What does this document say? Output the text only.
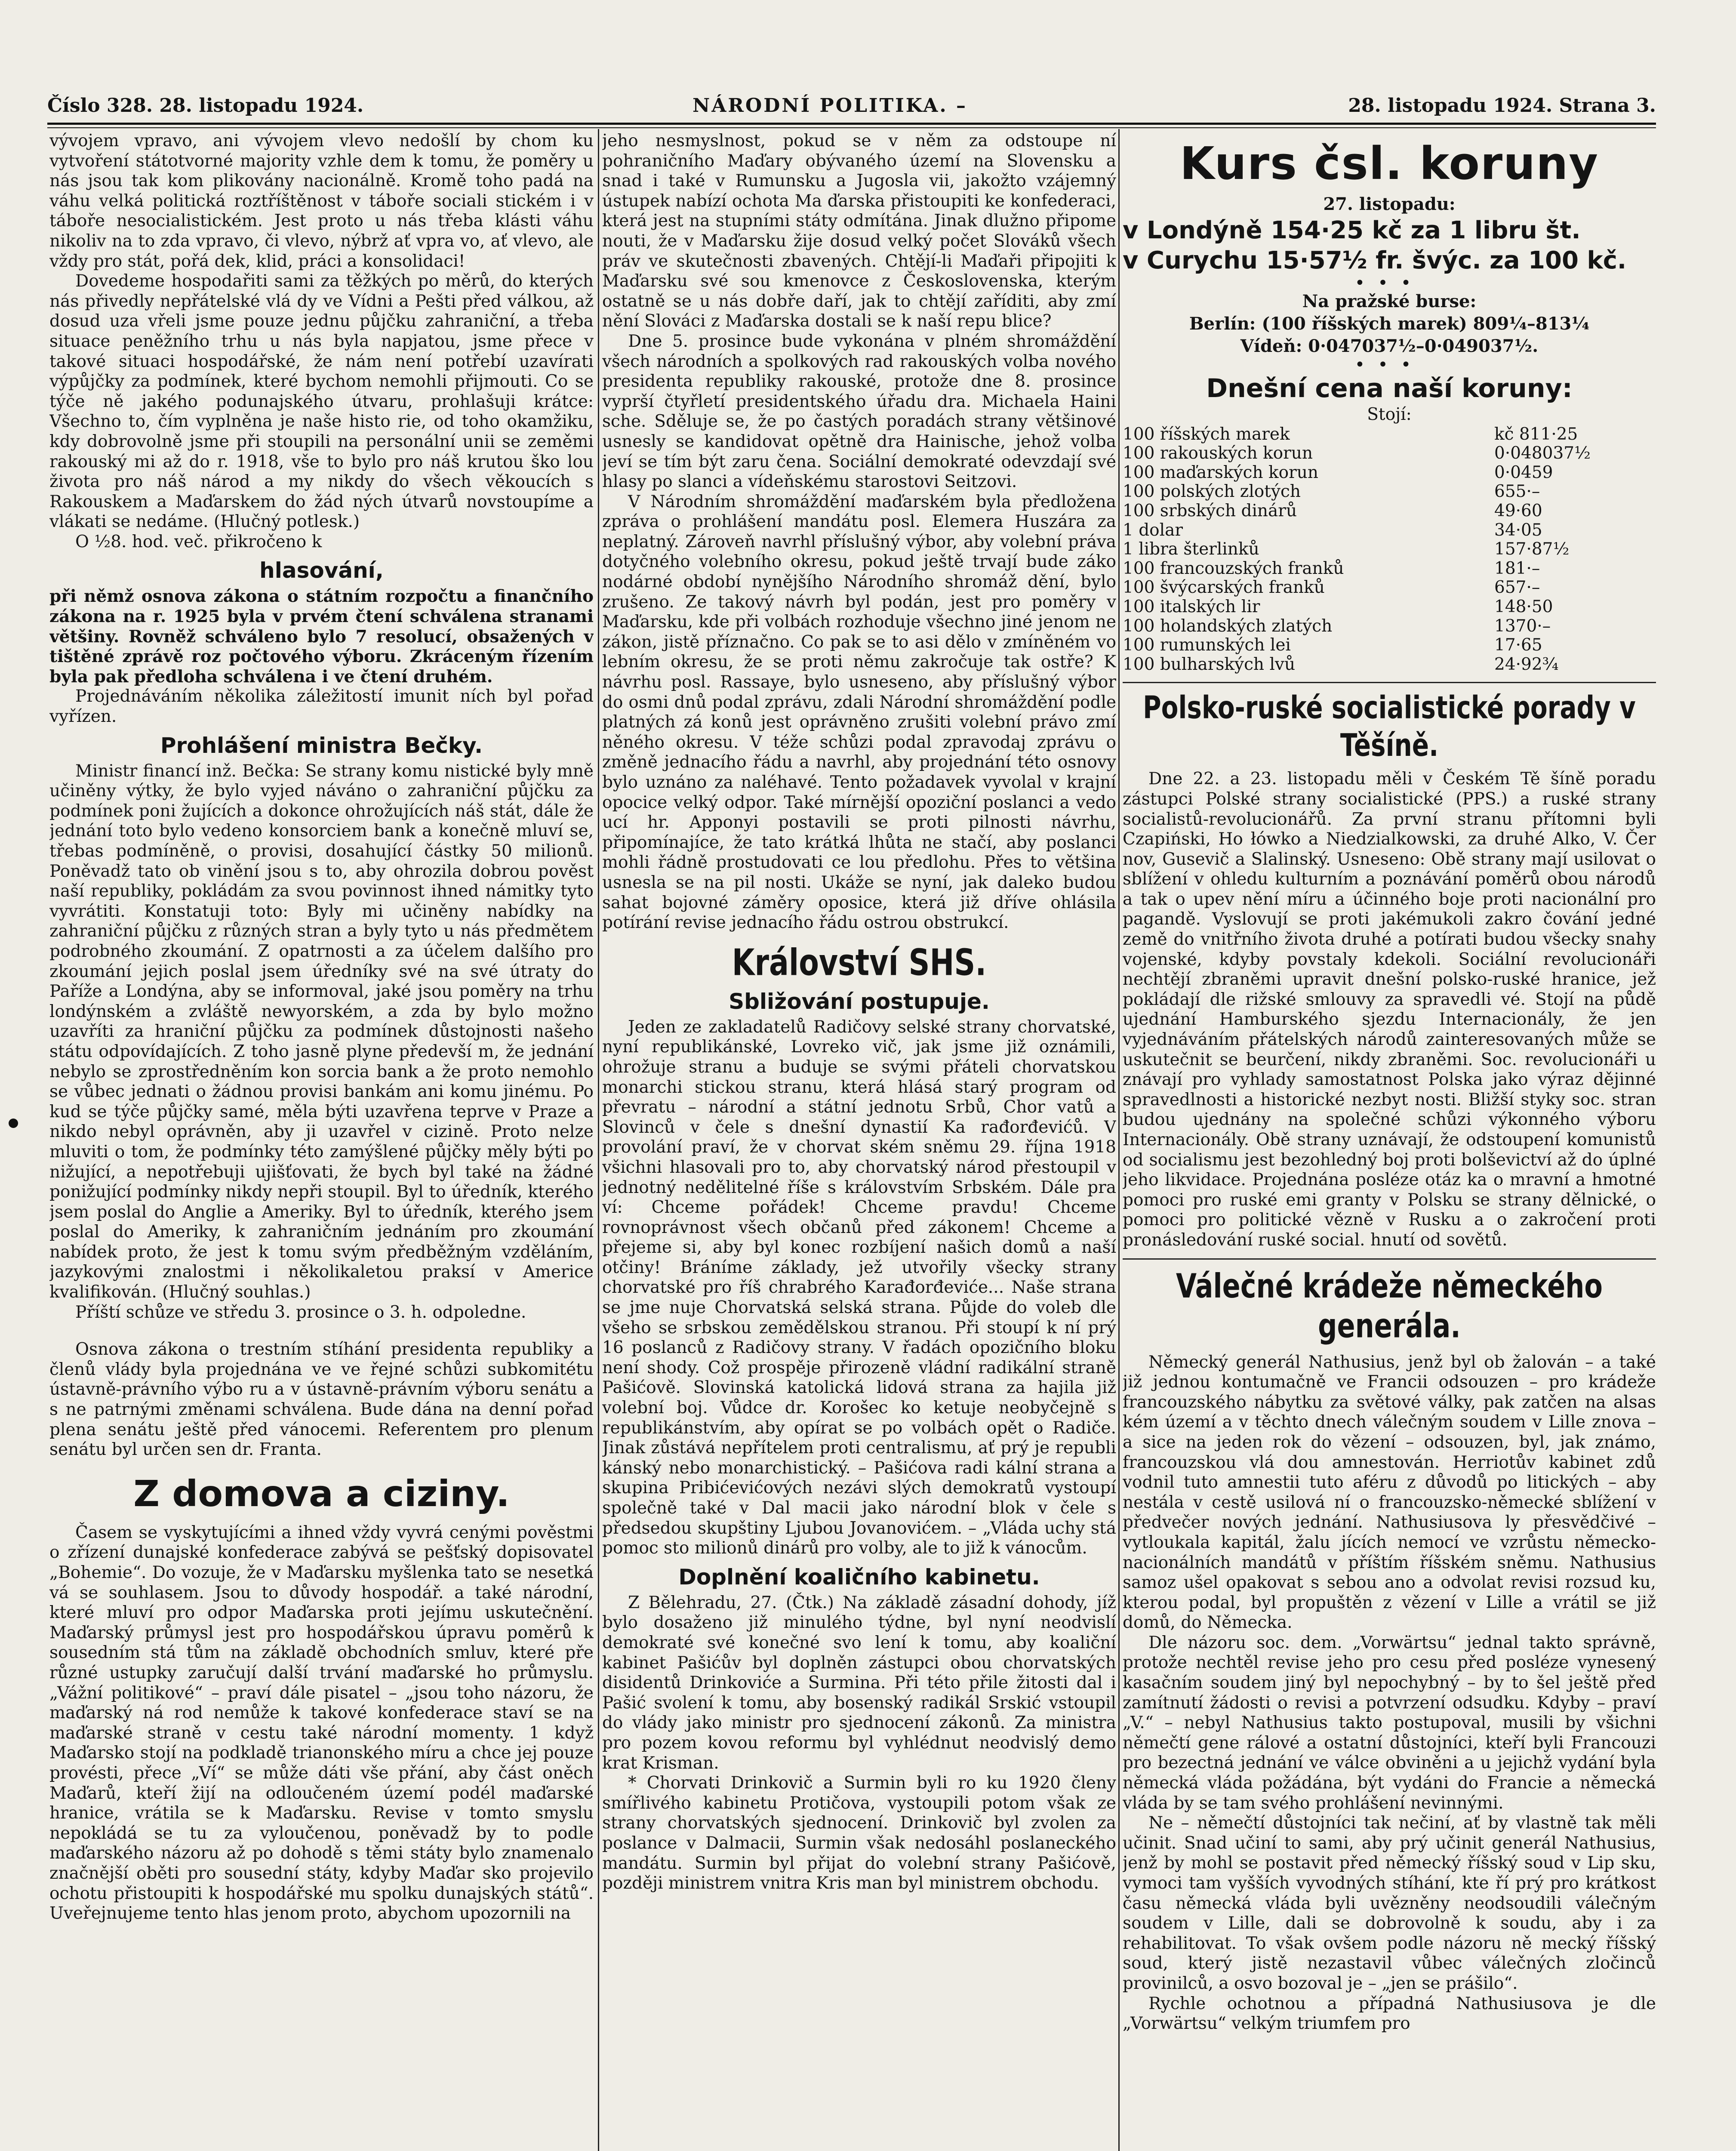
Číslo 328. 28. listopadu 1924.	NÁRODNÍ POLITIKA. –	28. listopadu 1924. Strana 3.

vývojem vpravo, ani vývojem vlevo nedošlí by chom ku vytvoření státotvorné majority vzhle dem k tomu, že poměry u nás jsou tak kom plikovány nacionálně. Kromě toho padá na váhu velká politická roztříštěnost v táboře sociali stickém i v táboře nesocialistickém. Jest proto u nás třeba klásti váhu nikoliv na to zda vpravo, či vlevo, nýbrž ať vpra vo, ať vlevo, ale vždy pro stát, pořá dek, klid, práci a konsolidaci!

Dovedeme hospodařiti sami za těžkých po měrů, do kterých nás přivedly nepřátelské vlá dy ve Vídni a Pešti před válkou, až dosud uza vřeli jsme pouze jednu půjčku zahraniční, a třeba situace peněžního trhu u nás byla napjatou, jsme přece v takové situaci hospodářské, že nám není potřebí uzavírati výpůjčky za podmínek, které bychom nemohli přijmouti. Co se týče ně jakého podunajského útvaru, prohlašuji krátce: Všechno to, čím vyplněna je naše histo rie, od toho okamžiku, kdy dobrovolně jsme při stoupili na personální unii se zeměmi rakouský mi až do r. 1918, vše to bylo pro náš krutou ško lou života pro náš národ a my nikdy do všech věkoucích s Rakouskem a Maďarskem do žád ných útvarů novstoupíme a vlákati se nedáme. (Hlučný potlesk.)

O ½8. hod. več. přikročeno k

hlasování,

při němž osnova zákona o státním rozpočtu a finančního zákona na r. 1925 byla v prvém čtení schválena stranami většiny. Rovněž schváleno bylo 7 resolucí, obsažených v tištěné zprávě roz počtového výboru. Zkráceným řízením byla pak předloha schválena i ve čtení druhém.

Projednáváním několika záležitostí imunit ních byl pořad vyřízen.

Prohlášení ministra Bečky.

Ministr financí inž. Bečka: Se strany komu nistické byly mně učiněny výtky, že bylo vyjed náváno o zahraniční půjčku za podmínek poni žujících a dokonce ohrožujících náš stát, dále že jednání toto bylo vedeno konsorciem bank a konečně mluví se, třebas podmíněně, o provisi, dosahující částky 50 milionů. Poněvadž tato ob vinění jsou s to, aby ohrozila dobrou pověst naší republiky, pokládám za svou povinnost ihned námitky tyto vyvrátiti. Konstatuji toto: Byly mi učiněny nabídky na zahraniční půjčku z různých stran a byly tyto u nás předmětem podrobného zkoumání. Z opatrnosti a za účelem dalšího pro zkoumání jejich poslal jsem úředníky své na své útraty do Paříže a Londýna, aby se informoval, jaké jsou poměry na trhu londýnském a zvláště newyorském, a zda by bylo možno uzavříti za hraniční půjčku za podmínek důstojnosti našeho státu odpovídajících. Z toho jasně plyne předevší m, že jednání nebylo se zprostředněním kon sorcia bank a že proto nemohlo se vůbec jednati o žádnou provisi bankám ani komu jinému. Po kud se týče půjčky samé, měla býti uzavřena teprve v Praze a nikdo nebyl oprávněn, aby ji uzavřel v cizině. Proto nelze mluviti o tom, že podmínky této zamýšlené půjčky měly býti po nižující, a nepotřebuji ujišťovati, že bych byl také na žádné ponižující podmínky nikdy nepři stoupil. Byl to úředník, kterého jsem poslal do Anglie a Ameriky. Byl to úředník, kterého jsem poslal do Ameriky, k zahraničním jednáním pro zkoumání nabídek proto, že jest k tomu svým předběžným vzděláním, jazykovými znalostmi i několikaletou praksí v Americe kvalifikován. (Hlučný souhlas.)

Příští schůze ve středu 3. prosince o 3. h. odpoledne.

Osnova zákona o trestním stíhání presidenta republiky a členů vlády byla projednána ve ve řejné schůzi subkomitétu ústavně-právního výbo ru a v ústavně-právním výboru senátu a s ne patrnými změnami schválena. Bude dána na denní pořad plena senátu ještě před vánocemi. Referentem pro plenum senátu byl určen sen dr. Franta.

Z domova a ciziny.

Časem se vyskytujícími a ihned vždy vyvrá cenými pověstmi o zřízení dunajské konfederace zabývá se pešťský dopisovatel „Bohemie“. Do vozuje, že v Maďarsku myšlenka tato se nesetká vá se souhlasem. Jsou to důvody hospodář. a také národní, které mluví pro odpor Maďarska proti jejímu uskutečnění. Maďarský průmysl jest pro hospodářskou úpravu poměrů k sousedním stá tům na základě obchodních smluv, které pře různé ustupky zaručují další trvání maďarské ho průmyslu. „Vážní politikové“ – praví dále pisatel – „jsou toho názoru, že maďarský ná rod nemůže k takové konfederace staví se na maďarské straně v cestu také národní momenty. 1 když Maďarsko stojí na podkladě trianonského míru a chce jej pouze provésti, přece „Ví“ se může dáti vše přání, aby část oněch Maďarů, kteří žijí na odloučeném území podél maďarské hranice, vrátila se k Maďarsku. Revise v tomto smyslu nepokládá se tu za vyloučenou, poněvadž by to podle maďarského názoru až po dohodě s těmi státy bylo znamenalo značnější oběti pro sousední státy, kdyby Maďar sko projevilo ochotu přistoupiti k hospodářské mu spolku dunajských států“. Uveřejnujeme tento hlas jenom proto, abychom upozornili na

jeho nesmyslnost, pokud se v něm za odstoupe ní pohraničního Maďary obývaného území na Slovensku a snad i také v Rumunsku a Jugosla vii, jakožto vzájemný ústupek nabízí ochota Ma ďarska přistoupiti ke konfederaci, která jest na stupními státy odmítána. Jinak dlužno připome nouti, že v Maďarsku žije dosud velký počet Slováků všech práv ve skutečnosti zbavených. Chtějí-li Maďaři připojiti k Maďarsku své sou kmenovce z Československa, kterým ostatně se u nás dobře daří, jak to chtějí zaříditi, aby zmí nění Slováci z Maďarska dostali se k naší repu blice?

Dne 5. prosince bude vykonána v plném shromáždění všech národních a spolkových rad rakouských volba nového presidenta republiky rakouské, protože dne 8. prosince vyprší čtyřletí presidentského úřadu dra. Michaela Haini sche. Sděluje se, že po častých poradách strany většinové usnesly se kandidovat opětně dra Hainische, jehož volba jeví se tím být zaru čena. Sociální demokraté odevzdají své hlasy po slanci a vídeňskému starostovi Seitzovi.

V Národním shromáždění maďarském byla předložena zpráva o prohlášení mandátu posl. Elemera Huszára za neplatný. Zároveň navrhl příslušný výbor, aby volební práva dotyčného volebního okresu, pokud ještě trvají bude záko nodárné období nynějšího Národního shromáž dění, bylo zrušeno. Ze takový návrh byl podán, jest pro poměry v Maďarsku, kde při volbách rozhoduje všechno jiné jenom ne zákon, jistě příznačno. Co pak se to asi dělo v zmíněném vo lebním okresu, že se proti němu zakročuje tak ostře? K návrhu posl. Rassaye, bylo usneseno, aby příslušný výbor do osmi dnů podal zprávu, zdali Národní shromáždění podle platných zá konů jest oprávněno zrušiti volební právo zmí něného okresu. V téže schůzi podal zpravodaj zprávu o změně jednacího řádu a navrhl, aby projednání této osnovy bylo uznáno za naléhavé. Tento požadavek vyvolal v krajní opocice velký odpor. Také mírnější opoziční poslanci a vedo ucí hr. Apponyi postavili se proti pilnosti návrhu, připomínajíce, že tato krátká lhůta ne stačí, aby poslanci mohli řádně prostudovati ce lou předlohu. Přes to většina usnesla se na pil nosti. Ukáže se nyní, jak daleko budou sahat bojovné záměry oposice, která již dříve ohlásila potírání revise jednacího řádu ostrou obstrukcí.

Království SHS.
Sbližování postupuje.

Jeden ze zakladatelů Radičovy selské strany chorvatské, nyní republikánské, Lovreko vič, jak jsme již oznámili, ohrožuje stranu a buduje se svými přáteli chorvatskou monarchi stickou stranu, která hlásá starý program od převratu – národní a státní jednotu Srbů, Chor vatů a Slovinců v čele s dnešní dynastií Ka rađorđevićů. V provolání praví, že v chorvat ském sněmu 29. října 1918 všichni hlasovali pro to, aby chorvatský národ přestoupil v jednotný nedělitelné říše s královstvím Srbském. Dále pra ví: Chceme pořádek! Chceme pravdu! Chceme rovnoprávnost všech občanů před zákonem! Chceme a přejeme si, aby byl konec rozbíjení našich domů a naší otčiny! Bráníme základy, jež utvořily všecky strany chorvatské pro říš chrabrého Karađorđeviće... Naše strana se jme nuje Chorvatská selská strana. Půjde do voleb dle všeho se srbskou zemědělskou stranou. Při stoupí k ní prý 16 poslanců z Radičovy strany. V řadách opozičního bloku není shody. Což prospěje přirozeně vládní radikální straně Pašićově. Slovinská katolická lidová strana za hajila již volební boj. Vůdce dr. Korošec ko ketuje neobyčejně s republikánstvím, aby opírat se po volbách opět o Radiče. Jinak zůstává nepřítelem proti centralismu, ať prý je republi kánský nebo monarchistický. – Pašićova radi kální strana a skupina Pribićevićových nezávi slých demokratů vystoupí společně také v Dal macii jako národní blok v čele s předsedou skupštiny Ljubou Jovanovićem. – „Vláda uchy stá pomoc sto milionů dinárů pro volby, ale to již k vánocům.

Doplnění koaličního kabinetu.

Z Bělehradu, 27. (Čtk.) Na základě zásadní dohody, jíž bylo dosaženo již minulého týdne, byl nyní neodvislí demokraté své konečné svo lení k tomu, aby koaliční kabinet Pašićův byl doplněn zástupci obou chorvatských disidentů Drinkoviće a Surmina. Při této přile žitosti dal i Pašić svolení k tomu, aby bosenský radikál Srskić vstoupil do vlády jako ministr pro sjednocení zákonů. Za ministra pro pozem kovou reformu byl vyhlédnut neodvislý demo krat Krisman.

* Chorvati Drinkovič a Surmin byli ro ku 1920 členy smířlivého kabinetu Protičova, vystoupili potom však ze strany chorvatských sjednocení. Drinkovič byl zvolen za poslance v Dalmacii, Surmin však nedosáhl poslaneckého mandátu. Surmin byl přijat do volební strany Pašićově, později ministrem vnitra Kris man byl ministrem obchodu.

Kurs čsl. koruny
27. listopadu:
v Londýně 154·25 kč za 1 libru št.
v Curychu 15·57½ fr. švýc. za 100 kč.
•••
Na pražské burse:
Berlín: (100 říšských marek) 809¼–813¼
Vídeň: 0·047037½–0·049037½.
•••
Dnešní cena naší koruny:
Stojí:
100 říšských marek	kč 811·25
100 rakouských korun	0·048037½
100 maďarských korun	0·0459
100 polských zlotých	655·–
100 srbských dinárů	49·60
1 dolar	34·05
1 libra šterlinků	157·87½
100 francouzských franků	181·–
100 švýcarských franků	657·–
100 italských lir	148·50
100 holandských zlatých	1370·–
100 rumunských lei	17·65
100 bulharských lvů	24·92¾
Polsko-ruské socialistické porady v Těšíně.

Dne 22. a 23. listopadu měli v Českém Tě šíně poradu zástupci Polské strany socialistické (PPS.) a ruské strany socialistů-revolucionářů. Za první stranu přítomni byli Czapiński, Ho łówko a Niedzialkowski, za druhé Alko, V. Čer nov, Gusevič a Slalinský. Usneseno: Obě strany mají usilovat o sblížení v ohledu kulturním a poznávání poměrů obou národů a tak o upev nění míru a účinného boje proti nacionální pro pagandě. Vyslovují se proti jakémukoli zakro čování jedné země do vnitřního života druhé a potírati budou všecky snahy vojenské, kdyby povstaly kdekoli. Sociální revolucionáři nechtějí zbraněmi upravit dnešní polsko-ruské hranice, jež pokládají dle rižské smlouvy za spravedli vé. Stojí na půdě ujednání Hamburského sjezdu Internacionály, že jen vyjednáváním přátelských národů zainteresovaných může se uskutečnit se beurčení, nikdy zbraněmi. Soc. revolucionáři u znávají pro vyhlady samostatnost Polska jako výraz dějinné spravedlnosti a historické nezbyt nosti. Bližší styky soc. stran budou ujednány na společné schůzi výkonného výboru Internacionály. Obě strany uznávají, že odstoupení komunistů od socialismu jest bezohledný boj proti bolševictví až do úplné jeho likvidace. Projednána posléze otáz ka o mravní a hmotné pomoci pro ruské emi granty v Polsku se strany dělnické, o pomoci pro politické vězně v Rusku a o zakročení proti pronásledování ruské social. hnutí od sovětů.

Válečné krádeže německého generála.

Německý generál Nathusius, jenž byl ob žalován – a také již jednou kontumačně ve Francii odsouzen – pro krádeže francouzského nábytku za světové války, pak zatčen na alsas kém území a v těchto dnech válečným soudem v Lille znova – a sice na jeden rok do vězení – odsouzen, byl, jak známo, francouzskou vlá dou amnestován. Herriotův kabinet zdů vodnil tuto amnestii tuto aféru z důvodů po litických – aby nestála v cestě usilová ní o francouzsko-německé sblížení v předvečer nových jednání. Nathusiusova ly přesvědčivé – vytloukala kapitál, žalu jících nemocí ve vzrůstu německo-nacionálních mandátů v příštím říšském sněmu. Nathusius samoz ušel opakovat s sebou ano a odvolat revisi rozsud ku, kterou podal, byl propuštěn z vězení v Lille a vrátil se již domů, do Německa.

Dle názoru soc. dem. „Vorwärtsu“ jednal takto správně, protože nechtěl revise jeho pro cesu před posléze vynesený kasačním soudem jiný byl nepochybný – by to šel ještě před zamítnutí žádosti o revisi a potvrzení odsudku. Kdyby – praví „V.“ – nebyl Nathusius takto postupoval, musili by všichni němečtí gene rálové a ostatní důstojníci, kteří byli Francouzi pro bezectná jednání ve válce obviněni a u jejichž vydání byla německá vláda požádána, být vydáni do Francie a německá vláda by se tam svého prohlášení nevinnými.

Ne – němečtí důstojníci tak nečiní, ať by vlastně tak měli učinit. Snad učiní to sami, aby prý učinit generál Nathusius, jenž by mohl se postavit před německý říšský soud v Lip sku, vymoci tam vyšších vyvodných stíhání, kte ří prý pro krátkost času německá vláda byli uvězněny neodsoudili válečným soudem v Lille, dali se dobrovolně k soudu, aby i za rehabilitovat. To však ovšem podle názoru ně mecký říšský soud, který jistě nezastavil vůbec válečných zločinců provinilců, a osvo bozoval je – „jen se prášilo“.

Rychle ochotnou a případná Nathusiusova je dle „Vorwärtsu“ velkým triumfem pro
